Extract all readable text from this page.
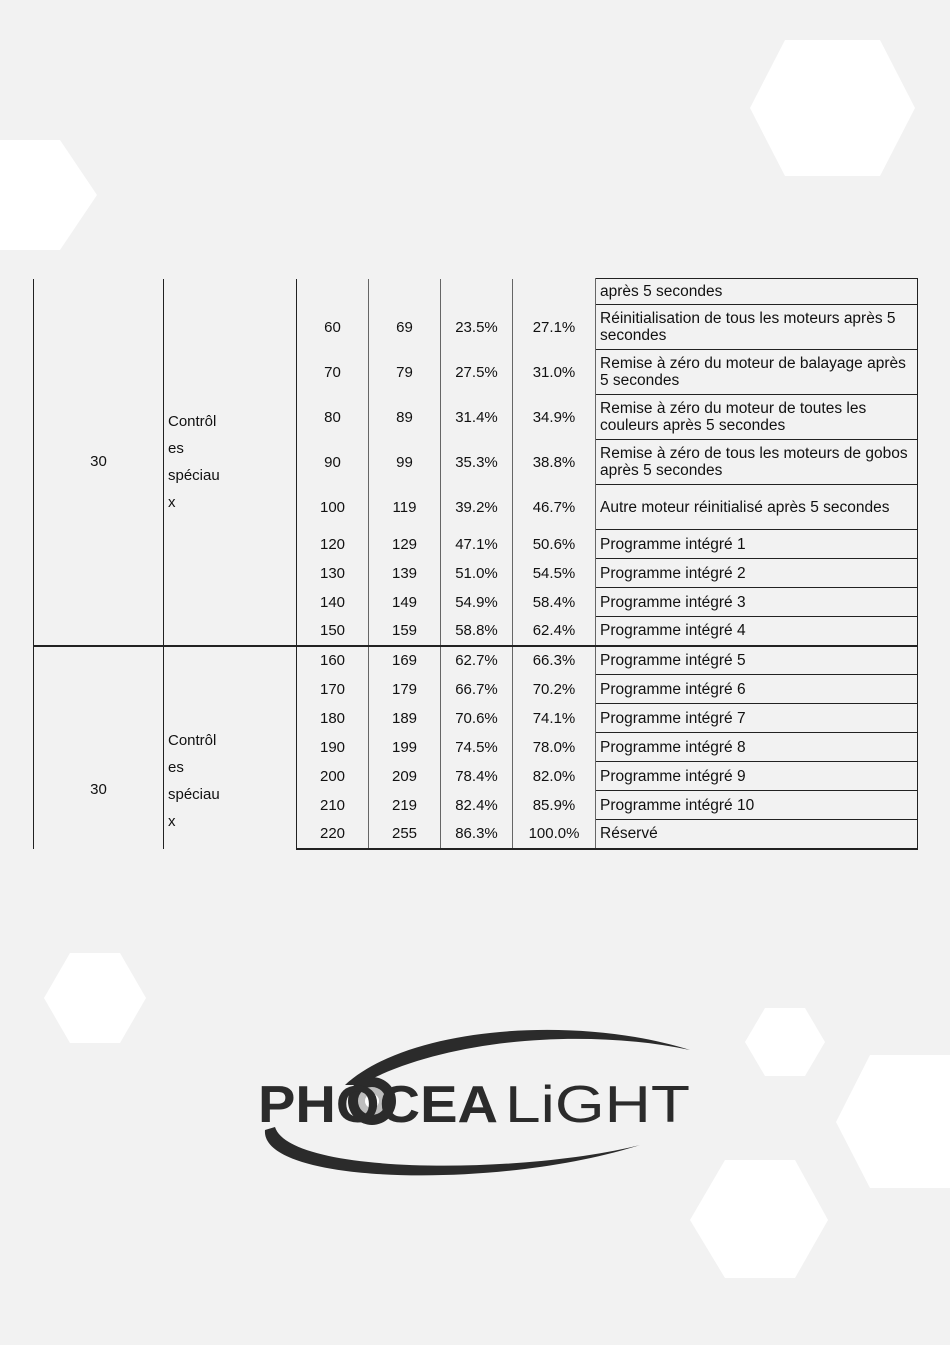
30	Contrôl
es
spéciau
x					après 5 secondes
		60	69	23.5%	27.1%	Réinitialisation de tous les moteurs après 5 secondes
		70	79	27.5%	31.0%	Remise à zéro du moteur de balayage après 5 secondes
		80	89	31.4%	34.9%	Remise à zéro du moteur de toutes les couleurs après 5 secondes
		90	99	35.3%	38.8%	Remise à zéro de tous les moteurs de gobos après 5 secondes
		100	119	39.2%	46.7%	Autre moteur réinitialisé après 5 secondes
		120	129	47.1%	50.6%	Programme intégré 1
		130	139	51.0%	54.5%	Programme intégré 2
		140	149	54.9%	58.4%	Programme intégré 3
		150	159	58.8%	62.4%	Programme intégré 4
30	Contrôl
es
spéciau
x	160	169	62.7%	66.3%	Programme intégré 5
		170	179	66.7%	70.2%	Programme intégré 6
		180	189	70.6%	74.1%	Programme intégré 7
		190	199	74.5%	78.0%	Programme intégré 8
		200	209	78.4%	82.0%	Programme intégré 9
		210	219	82.4%	85.9%	Programme intégré 10
		220	255	86.3%	100.0%	Réservé
PHOCEA LiGHT
